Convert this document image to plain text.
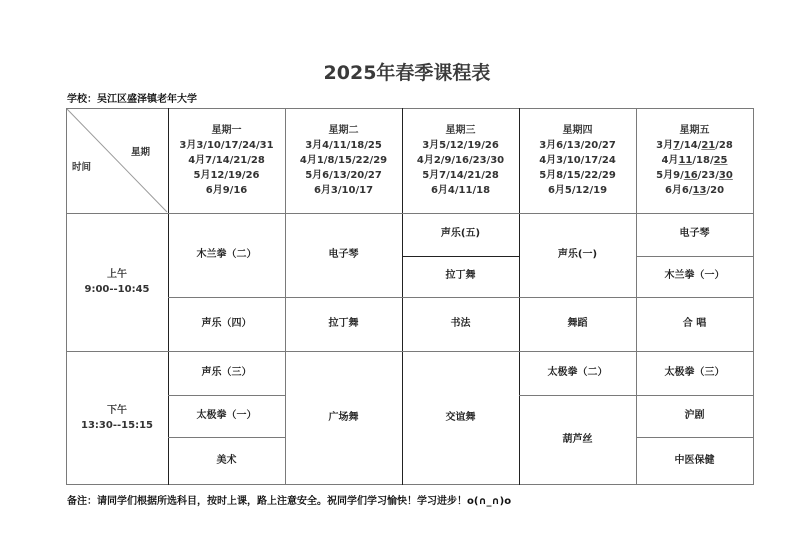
2025年春季课程表
学校：吴江区盛泽镇老年大学
星期
时间
星期一
3月3/10/17/24/31
4月7/14/21/28
5月12/19/26
6月9/16
星期二
3月4/11/18/25
4月1/8/15/22/29
5月6/13/20/27
6月3/10/17
星期三
3月5/12/19/26
4月2/9/16/23/30
5月7/14/21/28
6月4/11/18
星期四
3月6/13/20/27
4月3/10/17/24
5月8/15/22/29
6月5/12/19
星期五
3月7/14/21/28
4月11/18/25
5月9/16/23/30
6月6/13/20
上午
9:00--10:45
下午
13:30--15:15
木兰拳（二）
声乐（四）
电子琴
拉丁舞
声乐(五)
拉丁舞
书法
声乐(一)
舞蹈
电子琴
木兰拳（一）
合 唱
声乐（三）
太极拳（一）
美术
广场舞	交谊舞
太极拳（二）
葫芦丝
太极拳（三）
沪剧
中医保健
备注：请同学们根据所选科目，按时上课，路上注意安全。祝同学们学习愉快！学习进步！o(∩_∩)o
